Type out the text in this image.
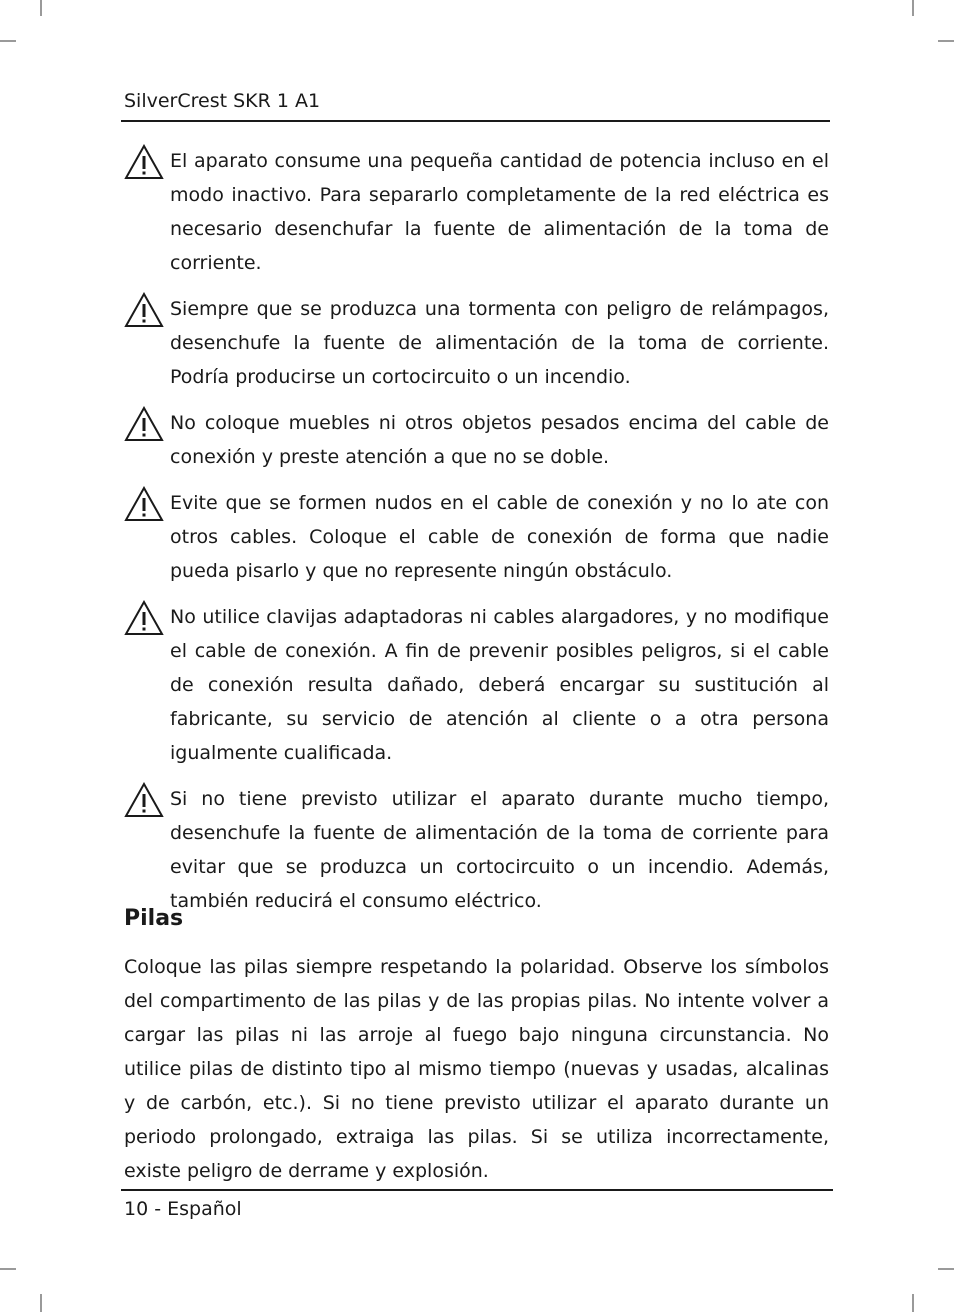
SilverCrest SKR 1 A1

El aparato consume una pequeña cantidad de potencia incluso en el modo inactivo. Para separarlo completamente de la red eléctrica es necesario desenchufar la fuente de alimentación de la toma de corriente.

Siempre que se produzca una tormenta con peligro de relámpagos, desenchufe la fuente de alimentación de la toma de corriente. Podría producirse un cortocircuito o un incendio.

No coloque muebles ni otros objetos pesados encima del cable de conexión y preste atención a que no se doble.

Evite que se formen nudos en el cable de conexión y no lo ate con otros cables. Coloque el cable de conexión de forma que nadie pueda pisarlo y que no represente ningún obstáculo.

No utilice clavijas adaptadoras ni cables alargadores, y no modifique el cable de conexión. A fin de prevenir posibles peligros, si el cable de conexión resulta dañado, deberá encargar su sustitución al fabricante, su servicio de atención al cliente o a otra persona igualmente cualificada.

Si no tiene previsto utilizar el aparato durante mucho tiempo, desenchufe la fuente de alimentación de la toma de corriente para evitar que se produzca un cortocircuito o un incendio. Además, también reducirá el consumo eléctrico.

Pilas

Coloque las pilas siempre respetando la polaridad. Observe los símbolos del compartimento de las pilas y de las propias pilas. No intente volver a cargar las pilas ni las arroje al fuego bajo ninguna circunstancia. No utilice pilas de distinto tipo al mismo tiempo (nuevas y usadas, alcalinas y de carbón, etc.). Si no tiene previsto utilizar el aparato durante un periodo prolongado, extraiga las pilas. Si se utiliza incorrectamente, existe peligro de derrame y explosión.

10 - Español
